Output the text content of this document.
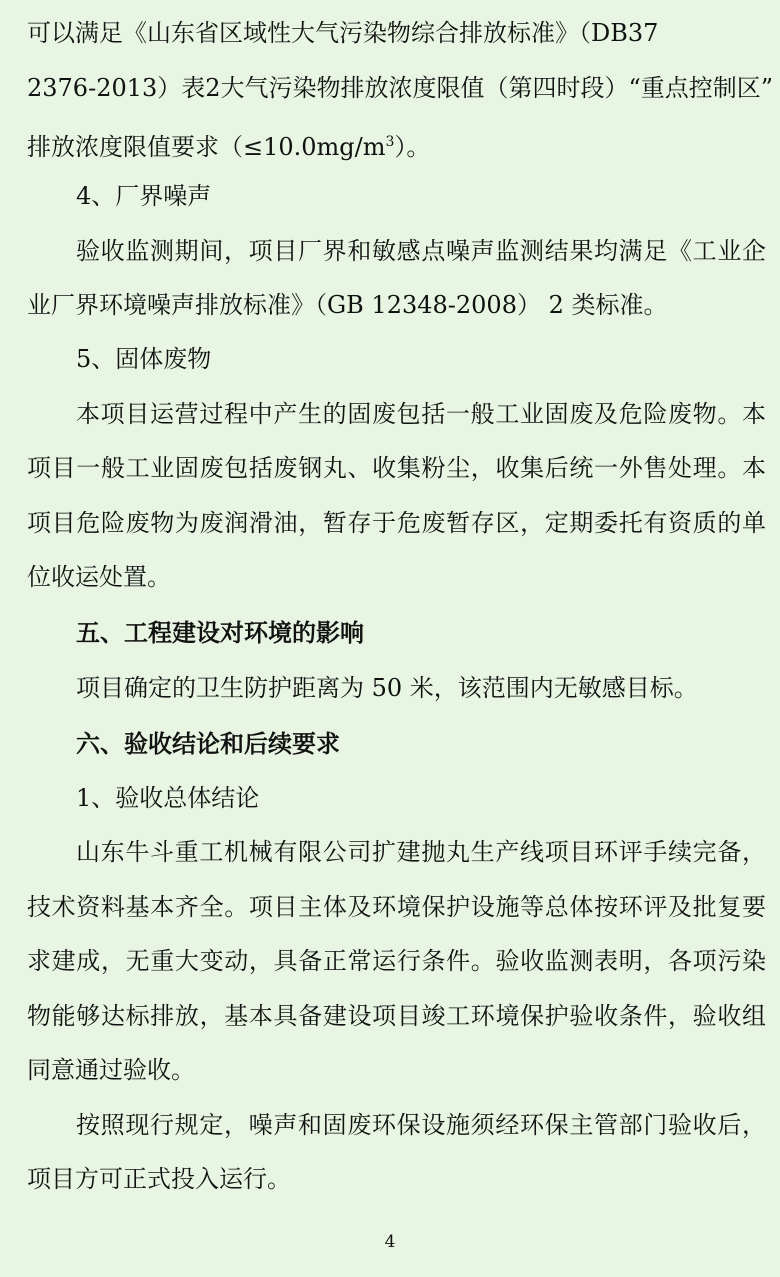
可以满足《山东省区域性大气污染物综合排放标准》（DB37
2376-2013）表2大气污染物排放浓度限值（第四时段）“重点控制区”
排放浓度限值要求$(\le 10.0mg/m^3)$。
4、厂界噪声
验收监测期间，项目厂界和敏感点噪声监测结果均满足《工业企
业厂界环境噪声排放标准》（GB 12348-2008） 2 类标准。
5、固体废物
本项目运营过程中产生的固废包括一般工业固废及危险废物。本
项目一般工业固废包括废钢丸、收集粉尘，收集后统一外售处理。本
项目危险废物为废润滑油，暂存于危废暂存区，定期委托有资质的单
位收运处置。
五、工程建设对环境的影响
项目确定的卫生防护距离为 50 米，该范围内无敏感目标。
六、验收结论和后续要求
1、验收总体结论
山东牛斗重工机械有限公司扩建抛丸生产线项目环评手续完备，
技术资料基本齐全。项目主体及环境保护设施等总体按环评及批复要
求建成，无重大变动，具备正常运行条件。验收监测表明，各项污染
物能够达标排放，基本具备建设项目竣工环境保护验收条件，验收组
同意通过验收。
按照现行规定，噪声和固废环保设施须经环保主管部门验收后，
项目方可正式投入运行。
4
